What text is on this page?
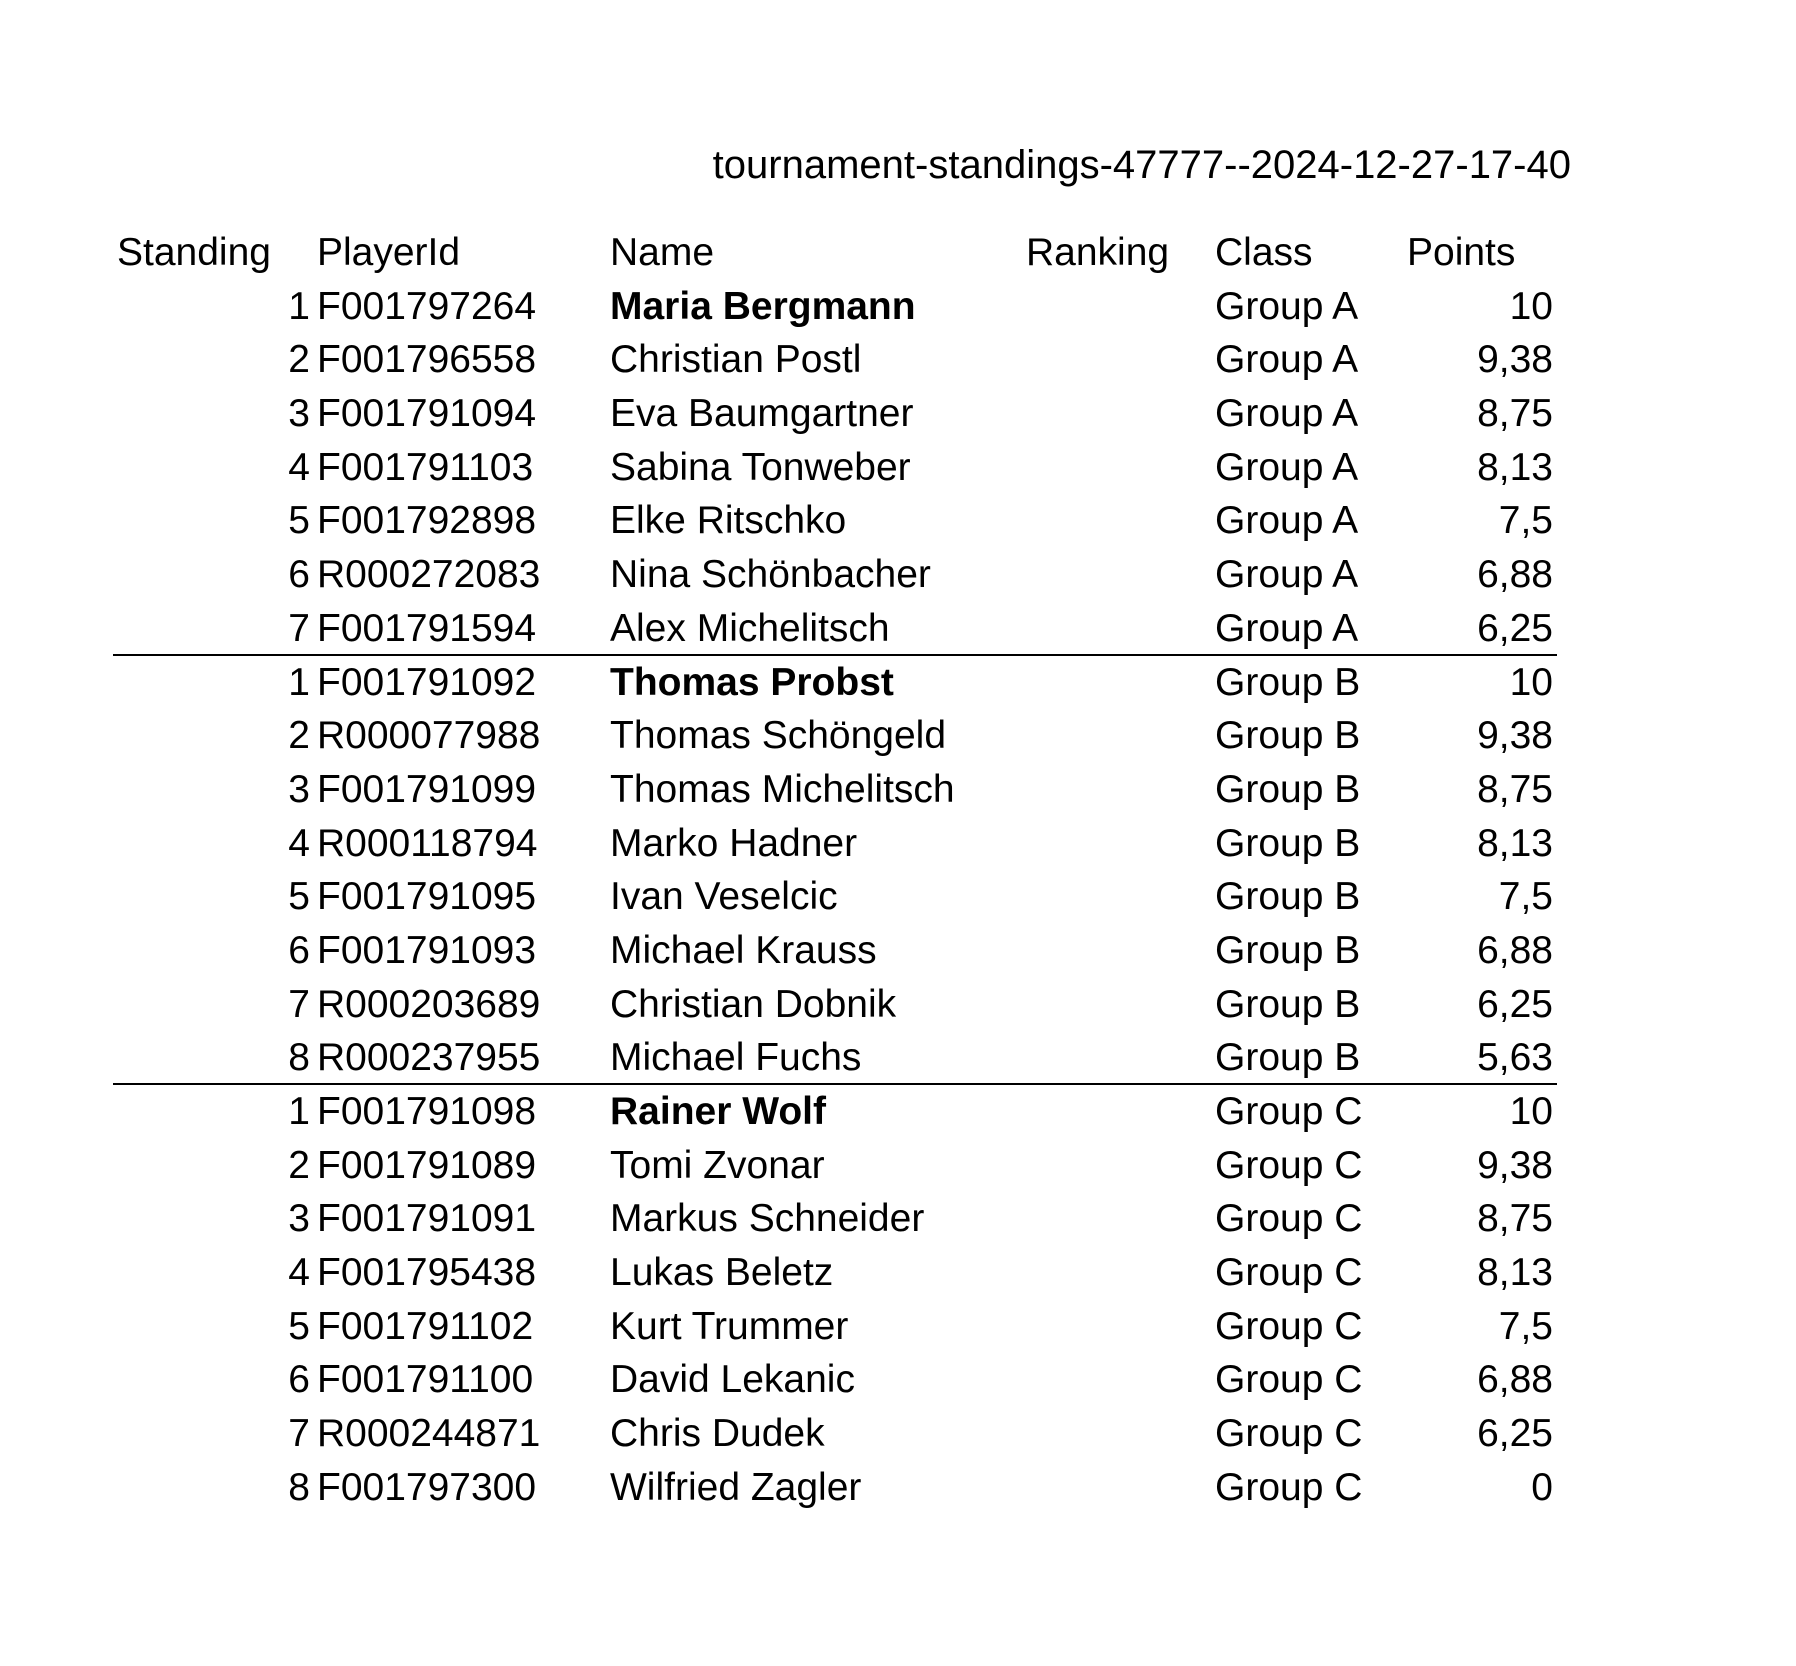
tournament-standings-47777--2024-12-27-17-40
Standing	PlayerId	Name	Ranking Class Points
1 F001797264 Maria Bergmann	Group A	10
2 F001796558 Christian Postl	Group A	9,38
3 F001791094 Eva Baumgartner	Group A	8,75
4 F001791103 Sabina Tonweber	Group A	8,13
5 F001792898 Elke Ritschko	Group A	7,5
6 R000272083 Nina Schönbacher	Group A	6,88
7 F001791594 Alex Michelitsch	Group A	6,25
1 F001791092 Thomas Probst	Group B	10
2 R000077988 Thomas Schöngeld	Group B	9,38
3 F001791099 Thomas Michelitsch	Group B	8,75
4 R000118794 Marko Hadner	Group B	8,13
5 F001791095 Ivan Veselcic	Group B	7,5
6 F001791093 Michael Krauss	Group B	6,88
7 R000203689 Christian Dobnik	Group B	6,25
8 R000237955 Michael Fuchs	Group B	5,63
1 F001791098 Rainer Wolf	Group C	10
2 F001791089 Tomi Zvonar	Group C	9,38
3 F001791091 Markus Schneider	Group C	8,75
4 F001795438 Lukas Beletz	Group C	8,13
5 F001791102 Kurt Trummer	Group C	7,5
6 F001791100 David Lekanic	Group C	6,88
7 R000244871 Chris Dudek	Group C	6,25
8 F001797300 Wilfried Zagler	Group C	0
